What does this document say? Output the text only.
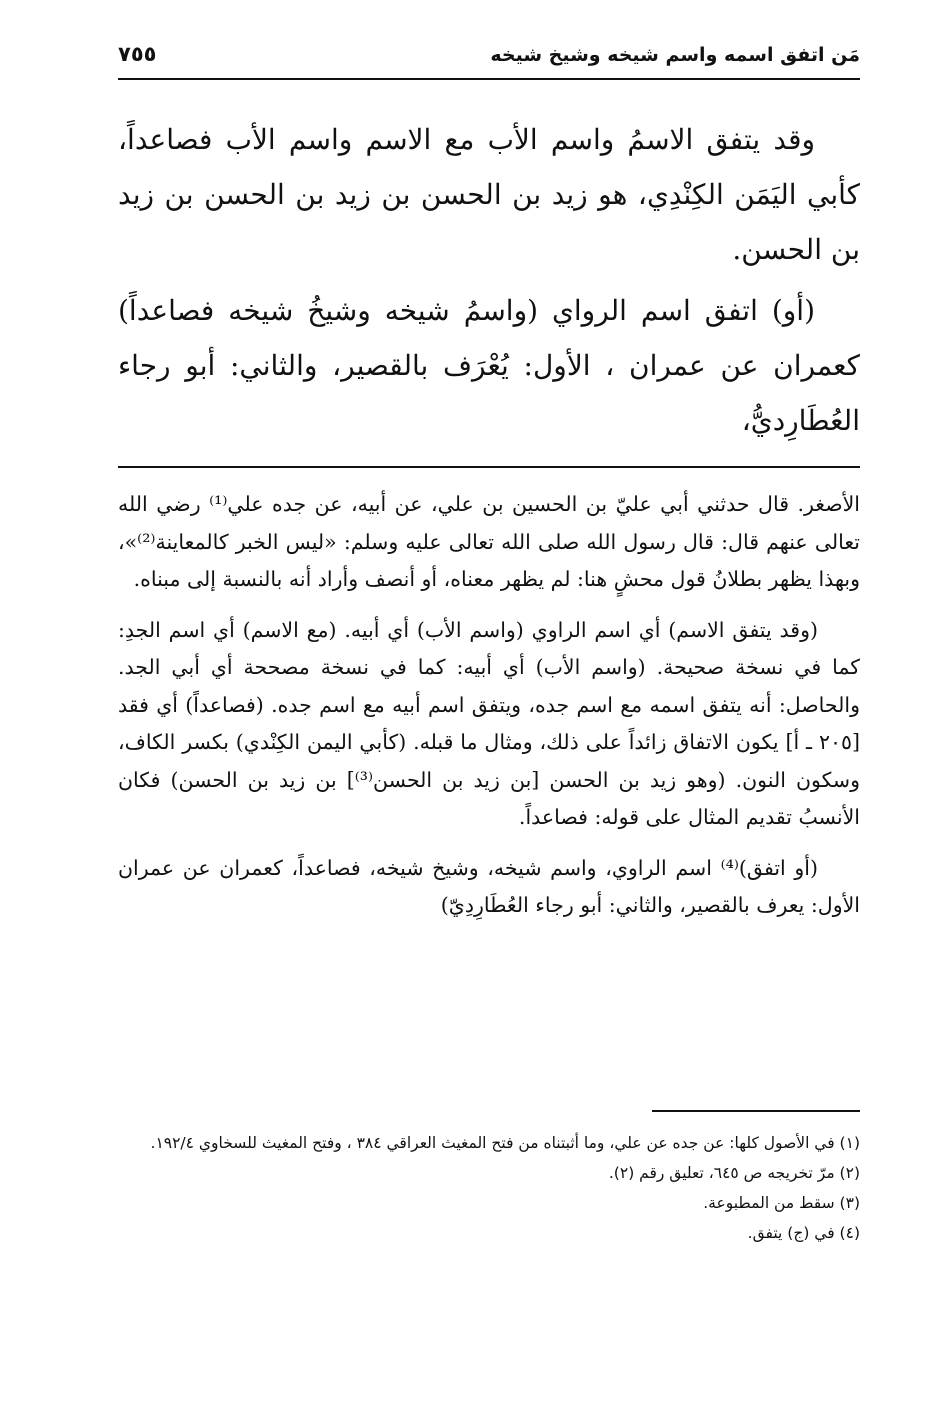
مَن اتفق اسمه واسم شيخه وشيخ شيخه
٧٥٥

وقد يتفق الاسمُ واسم الأب مع الاسم واسم الأب فصاعداً، كأبي اليَمَن الكِنْدِي، هو زيد بن الحسن بن زيد بن الحسن بن زيد بن الحسن.

(أو) اتفق اسم الرواي (واسمُ شيخه وشيخُ شيخه فصاعداً) كعمران عن عمران ، الأول: يُعْرَف بالقصير، والثاني: أبو رجاء العُطَارِديُّ،

الأصغر. قال حدثني أبي عليّ بن الحسين بن علي، عن أبيه، عن جده علي⁽¹⁾ رضي الله تعالى عنهم قال: قال رسول الله صلى الله تعالى عليه وسلم: «ليس الخبر كالمعاينة⁽²⁾»، وبهذا يظهر بطلانُ قول محشٍ هنا: لم يظهر معناه، أو أنصف وأراد أنه بالنسبة إلى مبناه.

(وقد يتفق الاسم) أي اسم الراوي (واسم الأب) أي أبيه. (مع الاسم) أي اسم الجدِ: كما في نسخة صحيحة. (واسم الأب) أي أبيه: كما في نسخة مصححة أي أبي الجد. والحاصل: أنه يتفق اسمه مع اسم جده، ويتفق اسم أبيه مع اسم جده. (فصاعداً) أي فقد [٢٠٥ ـ أ] يكون الاتفاق زائداً على ذلك، ومثال ما قبله. (كأبي اليمن الكِنْدي) بكسر الكاف، وسكون النون. (وهو زيد بن الحسن [بن زيد بن الحسن⁽³⁾] بن زيد بن الحسن) فكان الأنسبُ تقديم المثال على قوله: فصاعداً.

(أو اتفق)⁽⁴⁾ اسم الراوي، واسم شيخه، وشيخ شيخه، فصاعداً، كعمران عن عمران الأول: يعرف بالقصير، والثاني: أبو رجاء العُطَارِدِيّ)

(١) في الأصول كلها: عن جده عن علي، وما أثبتناه من فتح المغيث العراقي ٣٨٤ ، وفتح المغيث للسخاوي ١٩٢/٤.

(٢) مرّ تخريجه ص ٦٤٥، تعليق رقم (٢).

(٣) سقط من المطبوعة.

(٤) في (ج) يتفق.
